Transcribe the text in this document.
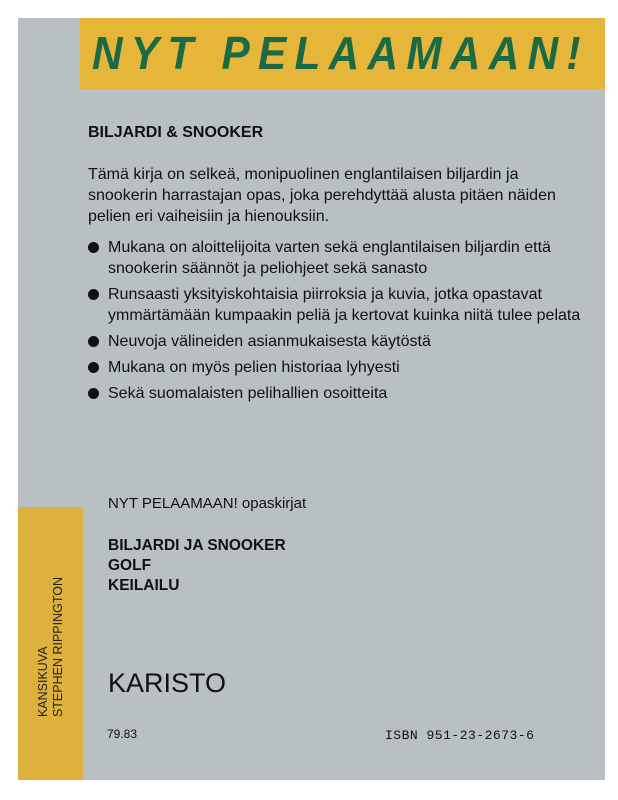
NYT PELAAMAAN!
KANSIKUVA STEPHEN RIPPINGTON
BILJARDI & SNOOKER
Tämä kirja on selkeä, monipuolinen englantilaisen biljardin ja snookerin harrastajan opas, joka perehdyttää alusta pitäen näiden pelien eri vaiheisiin ja hienouksiin.
Mukana on aloittelijoita varten sekä englantilaisen biljardin että snookerin säännöt ja peliohjeet sekä sanasto
Runsaasti yksityiskohtaisia piirroksia ja kuvia, jotka opastavat ymmärtämään kumpaakin peliä ja kertovat kuinka niitä tulee pelata
Neuvoja välineiden asianmukaisesta käytöstä
Mukana on myös pelien historiaa lyhyesti
Sekä suomalaisten pelihallien osoitteita
NYT PELAAMAAN! opaskirjat
BILJARDI JA SNOOKER
GOLF
KEILAILU
KARISTO
79.83	ISBN 951-23-2673-6
